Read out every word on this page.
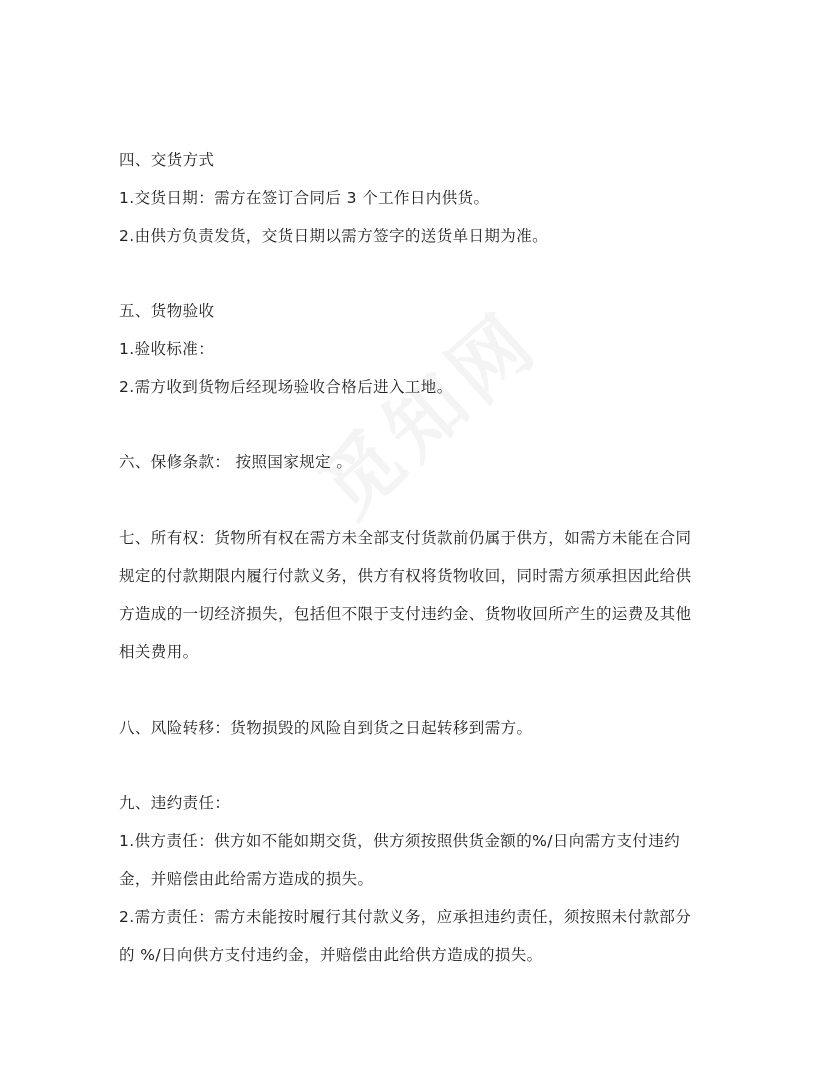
四、交货方式
1.交货日期：需方在签订合同后 3 个工作日内供货。
2.由供方负责发货，交货日期以需方签字的送货单日期为准。
五、货物验收
1.验收标准：
2.需方收到货物后经现场验收合格后进入工地。
六、保修条款： 按照国家规定 。
七、所有权：货物所有权在需方未全部支付货款前仍属于供方，如需方未能在合同
规定的付款期限内履行付款义务，供方有权将货物收回，同时需方须承担因此给供
方造成的一切经济损失，包括但不限于支付违约金、货物收回所产生的运费及其他
相关费用。
八、风险转移：货物损毁的风险自到货之日起转移到需方。
九、违约责任：
1.供方责任：供方如不能如期交货，供方须按照供货金额的%/日向需方支付违约
金，并赔偿由此给需方造成的损失。
2.需方责任：需方未能按时履行其付款义务，应承担违约责任，须按照未付款部分
的 %/日向供方支付违约金，并赔偿由此给供方造成的损失。
